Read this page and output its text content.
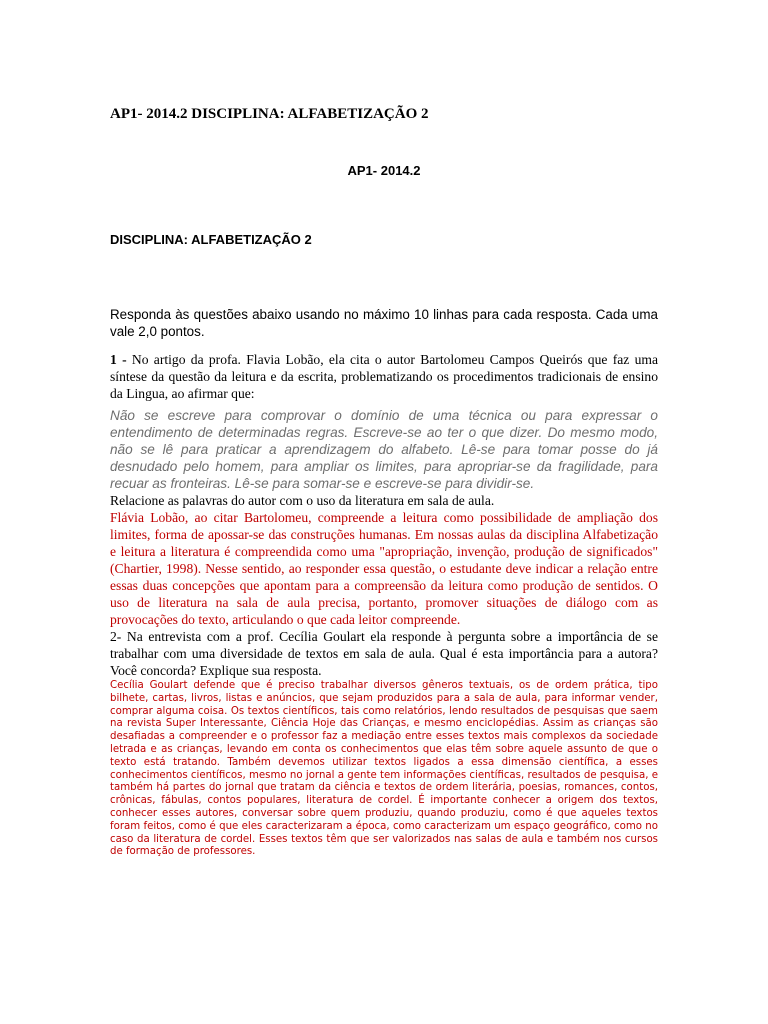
AP1- 2014.2 DISCIPLINA: ALFABETIZAÇÃO 2
AP1- 2014.2
DISCIPLINA: ALFABETIZAÇÃO 2

Responda às questões abaixo usando no máximo 10 linhas para cada resposta. Cada uma vale 2,0 pontos.

1 - No artigo da profa. Flavia Lobão, ela cita o autor Bartolomeu Campos Queirós que faz uma síntese da questão da leitura e da escrita, problematizando os procedimentos tradicionais de ensino da Lingua, ao afirmar que:

Não se escreve para comprovar o domínio de uma técnica ou para expressar o entendimento de determinadas regras. Escreve-se ao ter o que dizer. Do mesmo modo, não se lê para praticar a aprendizagem do alfabeto. Lê-se para tomar posse do já desnudado pelo homem, para ampliar os limites, para apropriar-se da fragilidade, para recuar as fronteiras. Lê-se para somar-se e escreve-se para dividir-se.

Relacione as palavras do autor com o uso da literatura em sala de aula.

Flávia Lobão, ao citar Bartolomeu, compreende a leitura como possibilidade de ampliação dos limites, forma de apossar-se das construções humanas. Em nossas aulas da disciplina Alfabetização e leitura a literatura é compreendida como uma "apropriação, invenção, produção de significados" (Chartier, 1998). Nesse sentido, ao responder essa questão, o estudante deve indicar a relação entre essas duas concepções que apontam para a compreensão da leitura como produção de sentidos. O uso de literatura na sala de aula precisa, portanto, promover situações de diálogo com as provocações do texto, articulando o que cada leitor compreende.

2- Na entrevista com a prof. Cecília Goulart ela responde à pergunta sobre a importância de se trabalhar com uma diversidade de textos em sala de aula. Qual é esta importância para a autora? Você concorda? Explique sua resposta.

Cecília Goulart defende que é preciso trabalhar diversos gêneros textuais, os de ordem prática, tipo bilhete, cartas, livros, listas e anúncios, que sejam produzidos para a sala de aula, para informar vender, comprar alguma coisa. Os textos científicos, tais como relatórios, lendo resultados de pesquisas que saem na revista Super Interessante, Ciência Hoje das Crianças, e mesmo enciclopédias. Assim as crianças são desafiadas a compreender e o professor faz a mediação entre esses textos mais complexos da sociedade letrada e as crianças, levando em conta os conhecimentos que elas têm sobre aquele assunto de que o texto está tratando. Também devemos utilizar textos ligados a essa dimensão científica, a esses conhecimentos científicos, mesmo no jornal a gente tem informações científicas, resultados de pesquisa, e também há partes do jornal que tratam da ciência e textos de ordem literária, poesias, romances, contos, crônicas, fábulas, contos populares, literatura de cordel. É importante conhecer a origem dos textos, conhecer esses autores, conversar sobre quem produziu, quando produziu, como é que aqueles textos foram feitos, como é que eles caracterizaram a época, como caracterizam um espaço geográfico, como no caso da literatura de cordel. Esses textos têm que ser valorizados nas salas de aula e também nos cursos de formação de professores.
